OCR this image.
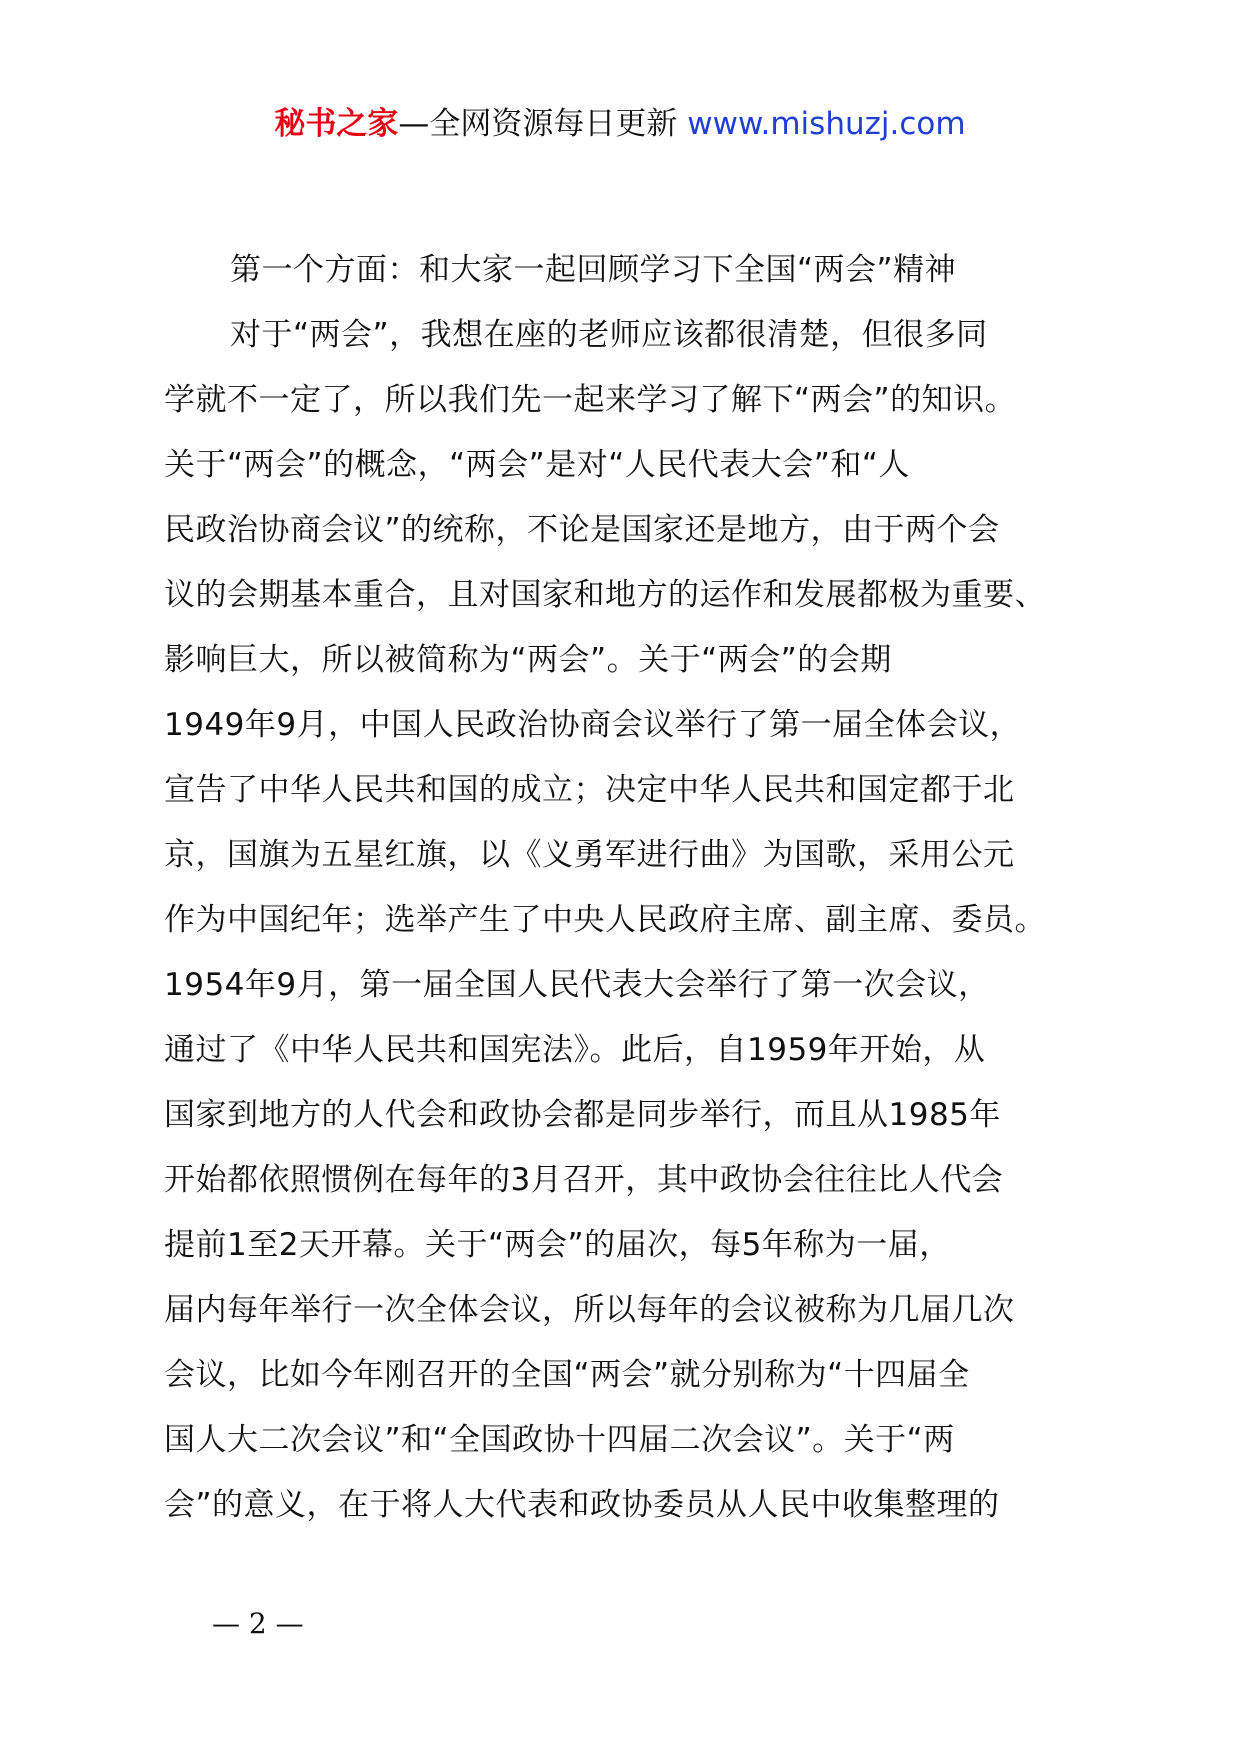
秘书之家—全网资源每日更新 www.mishuzj.com
第一个方面：和大家一起回顾学习下全国“两会”精神
对于“两会”，我想在座的老师应该都很清楚，但很多同
学就不一定了，所以我们先一起来学习了解下“两会”的知识。
关于“两会”的概念，“两会”是对“人民代表大会”和“人
民政治协商会议”的统称，不论是国家还是地方，由于两个会
议的会期基本重合，且对国家和地方的运作和发展都极为重要、
影响巨大，所以被简称为“两会”。关于“两会”的会期
1949年9月，中国人民政治协商会议举行了第一届全体会议，
宣告了中华人民共和国的成立；决定中华人民共和国定都于北
京，国旗为五星红旗，以《义勇军进行曲》为国歌，采用公元
作为中国纪年；选举产生了中央人民政府主席、副主席、委员。
1954年9月，第一届全国人民代表大会举行了第一次会议，
通过了《中华人民共和国宪法》。此后，自1959年开始，从
国家到地方的人代会和政协会都是同步举行，而且从1985年
开始都依照惯例在每年的3月召开，其中政协会往往比人代会
提前1至2天开幕。关于“两会”的届次，每5年称为一届，
届内每年举行一次全体会议，所以每年的会议被称为几届几次
会议，比如今年刚召开的全国“两会”就分别称为“十四届全
国人大二次会议”和“全国政协十四届二次会议”。关于“两
会”的意义，在于将人大代表和政协委员从人民中收集整理的
— 2 —
